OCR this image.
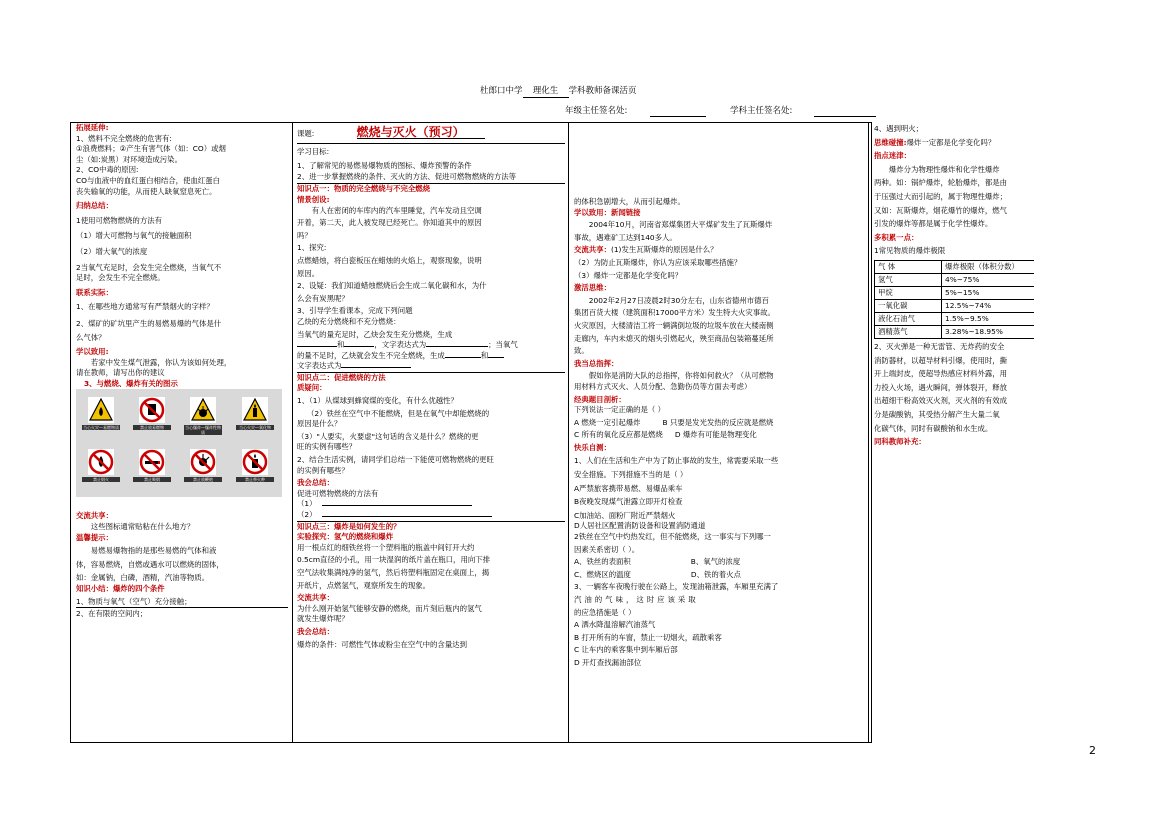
杜郎口中学 理化生 学科教师备课活页
年级主任签名处:	学科主任签名处:

拓展延伸:

1、燃料不完全燃烧的危害有:

①浪费燃料；②产生有害气体（如：CO）或烟

尘（如:炭黑）对环境造成污染。

2、CO中毒的原因:

CO与血液中的血红蛋白相结合，使血红蛋白

丧失输氧的功能，从而使人缺氧窒息死亡。

归纳总结：

1使用可燃物燃烧的方法有

（1）增大可燃物与氧气的接触面积

（2）增大氧气的浓度

2当氧气充足时，会发生完全燃烧，当氧气不

足时，会发生不完全燃烧。

联系实际：

1、在哪些地方通常写有严禁烟火的字样？

2、煤矿的矿坑里产生的易燃易爆的气体是什

么气体？

学以致用:

若家中发生煤气泄露，你认为该如何处理，

请在教师，请写出你的建议

3、与燃烧、爆炸有关的图示

当心火灾—易燃物质	禁止放易燃物	当心爆炸—爆炸性物质
当心火灾—氧化物
禁止烟火	禁止吸烟	禁止放鞭炮	禁止带火种

交流共享：

这些图标通常贴粘在什么地方？

温馨提示：

易燃易爆物指的是那些易燃的气体和液

体，容易燃烧，自燃或遇水可以燃烧的固体，

如：金属钠，白磷，酒精，汽油等物质。

知识小结：爆炸的四个条件

1、物质与氧气（空气）充分接触；

2、在有限的空间内；

课题:	燃烧与灭火（预习）

学习目标:

1、了解常见的易燃易爆物质的图标、爆炸预警的条件

2、进一步掌握燃烧的条件、灭火的方法、促进可燃物燃烧的方法等

知识点一：物质的完全燃烧与不完全燃烧

情景创设:

有人在密闭的车库内的汽车里睡觉，汽车发动且空调

开着，第二天，此人被发现已经死亡。你知道其中的原因

吗？

1、探究:

点燃蜡烛，将白瓷板压在蜡烛的火焰上，观察现象，说明

原因。

2、设疑：我们知道蜡烛燃烧后会生成二氧化碳和水，为什

么会有炭黑呢？

3、引导学生看课本，完成下列问题

乙炔的充分燃烧和不充分燃烧：

当氧气的量充足时，乙炔会发生充分燃烧，生成

和	，文字表达式为	；当氧气

的量不足时，乙炔就会发生不完全燃烧，生成	和

文字表达式为

知识点二：促进燃烧的方法

质疑问：

1、（1）从煤球到蜂窝煤的变化，有什么优越性？

（2）铁丝在空气中不能燃烧，但是在氧气中却能燃烧的

原因是什么？

（3）"人要实，火要虚"这句话的含义是什么？燃烧的更

旺的实例有哪些？

2、结合生活实例，请同学们总结一下能使可燃物燃烧的更旺

的实例有哪些？

我会总结：

促进可燃物燃烧的方法有

（1）

（2）

知识点三：爆炸是如何发生的？

实验探究：氢气的燃烧和爆炸

用一根点红的细铁丝将一个塑料瓶的瓶盖中间钉开大约

0.5cm直径的小孔，用一块湿润的纸片盖在瓶口，用向下排

空气法收集满纯净的氢气，然后将塑料瓶固定在桌面上，揭

开纸片，点燃氢气，观察所发生的现象。

交流共享：

为什么刚开始氢气能够安静的燃烧，而片刻后瓶内的氢气

就发生爆炸呢？

我会总结：

爆炸的条件：可燃性气体或粉尘在空气中的含量达到

的体积急剧增大，从而引起爆炸。

学以致用：新闻链接

2004年10月，河南省郑煤集团大平煤矿发生了瓦斯爆炸

事故，遇难矿工达到140多人。

交流共享：(1)发生瓦斯爆炸的原因是什么？

（2）为防止瓦斯爆炸，你认为应该采取哪些措施？

（3）爆炸一定都是化学变化吗？

激活思维：

2002年2月27日凌晨2时30分左右，山东省德州市德百

集团百货大楼（建筑面积17000平方米）发生特大火灾事故。

火灾原因，大楼清洁工将一辆满倒垃圾的垃圾车放在大楼南侧

走廊内，车内未熄灭的烟头引燃起火，殃至商品包装箱蔓延所

致。

我当总指挥：

假如你是消防大队的总指挥，你将如何救火？（从可燃物

用材料方式灭火、人员分配、急勤伤员等方面去考虑）

经典题目剖析：

下列说法一定正确的是（ ）

A 燃烧一定引起爆炸	B 只要是发光发热的反应就是燃烧

C 所有的氧化反应都是燃烧 D 爆炸有可能是物理变化

快乐自测：

1、人们在生活和生产中为了防止事故的发生，常需要采取一些

安全措施。下列措施不当的是（ ）

A严禁旅客携带易燃、易爆品乘车

B夜晚发现煤气泄露立即开灯检查

C加油站、面粉厂附近严禁烟火

D人居社区配置消防设备和设置消防通道

2铁丝在空气中灼热发红，但不能燃烧，这一事实与下列哪一

因素关系密切（ ）。

A、铁丝的表面积	B、氧气的浓度

C、燃烧区的温度	D、铁的着火点

3、一辆客车夜晚行驶在公路上，发现油箱泄露，车厢里充满了

汽油的气味，这时应该采取

的应急措施是（ ）

A 洒水降温溶解汽油蒸气

B 打开所有的车窗，禁止一切烟火，疏散乘客

C 让车内的乘客集中到车厢后部

D 开灯查找漏油部位

4、遇到明火；

思维碰撞:爆炸一定都是化学变化吗？

指点迷津：

爆炸分为物理性爆炸和化学性爆炸

两种。如：锅炉爆炸，轮胎爆炸，都是由

于压强过大而引起的，属于物理性爆炸；

又如：瓦斯爆炸，烟花爆竹的爆炸，燃气

引发的爆炸等都是属于化学性爆炸。

多积累一点：

1常见物质的爆炸极限

气 体	爆炸极限（体积分数）
氢气	4%~75%
甲烷	5%~15%
一氧化碳	12.5%~74%
液化石油气	1.5%~9.5%
酒精蒸气	3.28%~18.95%

2、灭火弹是一种无雷管、无炸药的安全

消防器材，以超导材料引爆，使用时，撕

开上端封皮，使超导热感应材料外露，用

力投入火场，遇火瞬间，弹体裂开，释放

出超细干粉高效灭火剂，灭火剂的有效成

分是碳酸钠，其受热分解产生大量二氧

化碳气体，同时有碳酸钠和水生成。

同科教师补充：

2
